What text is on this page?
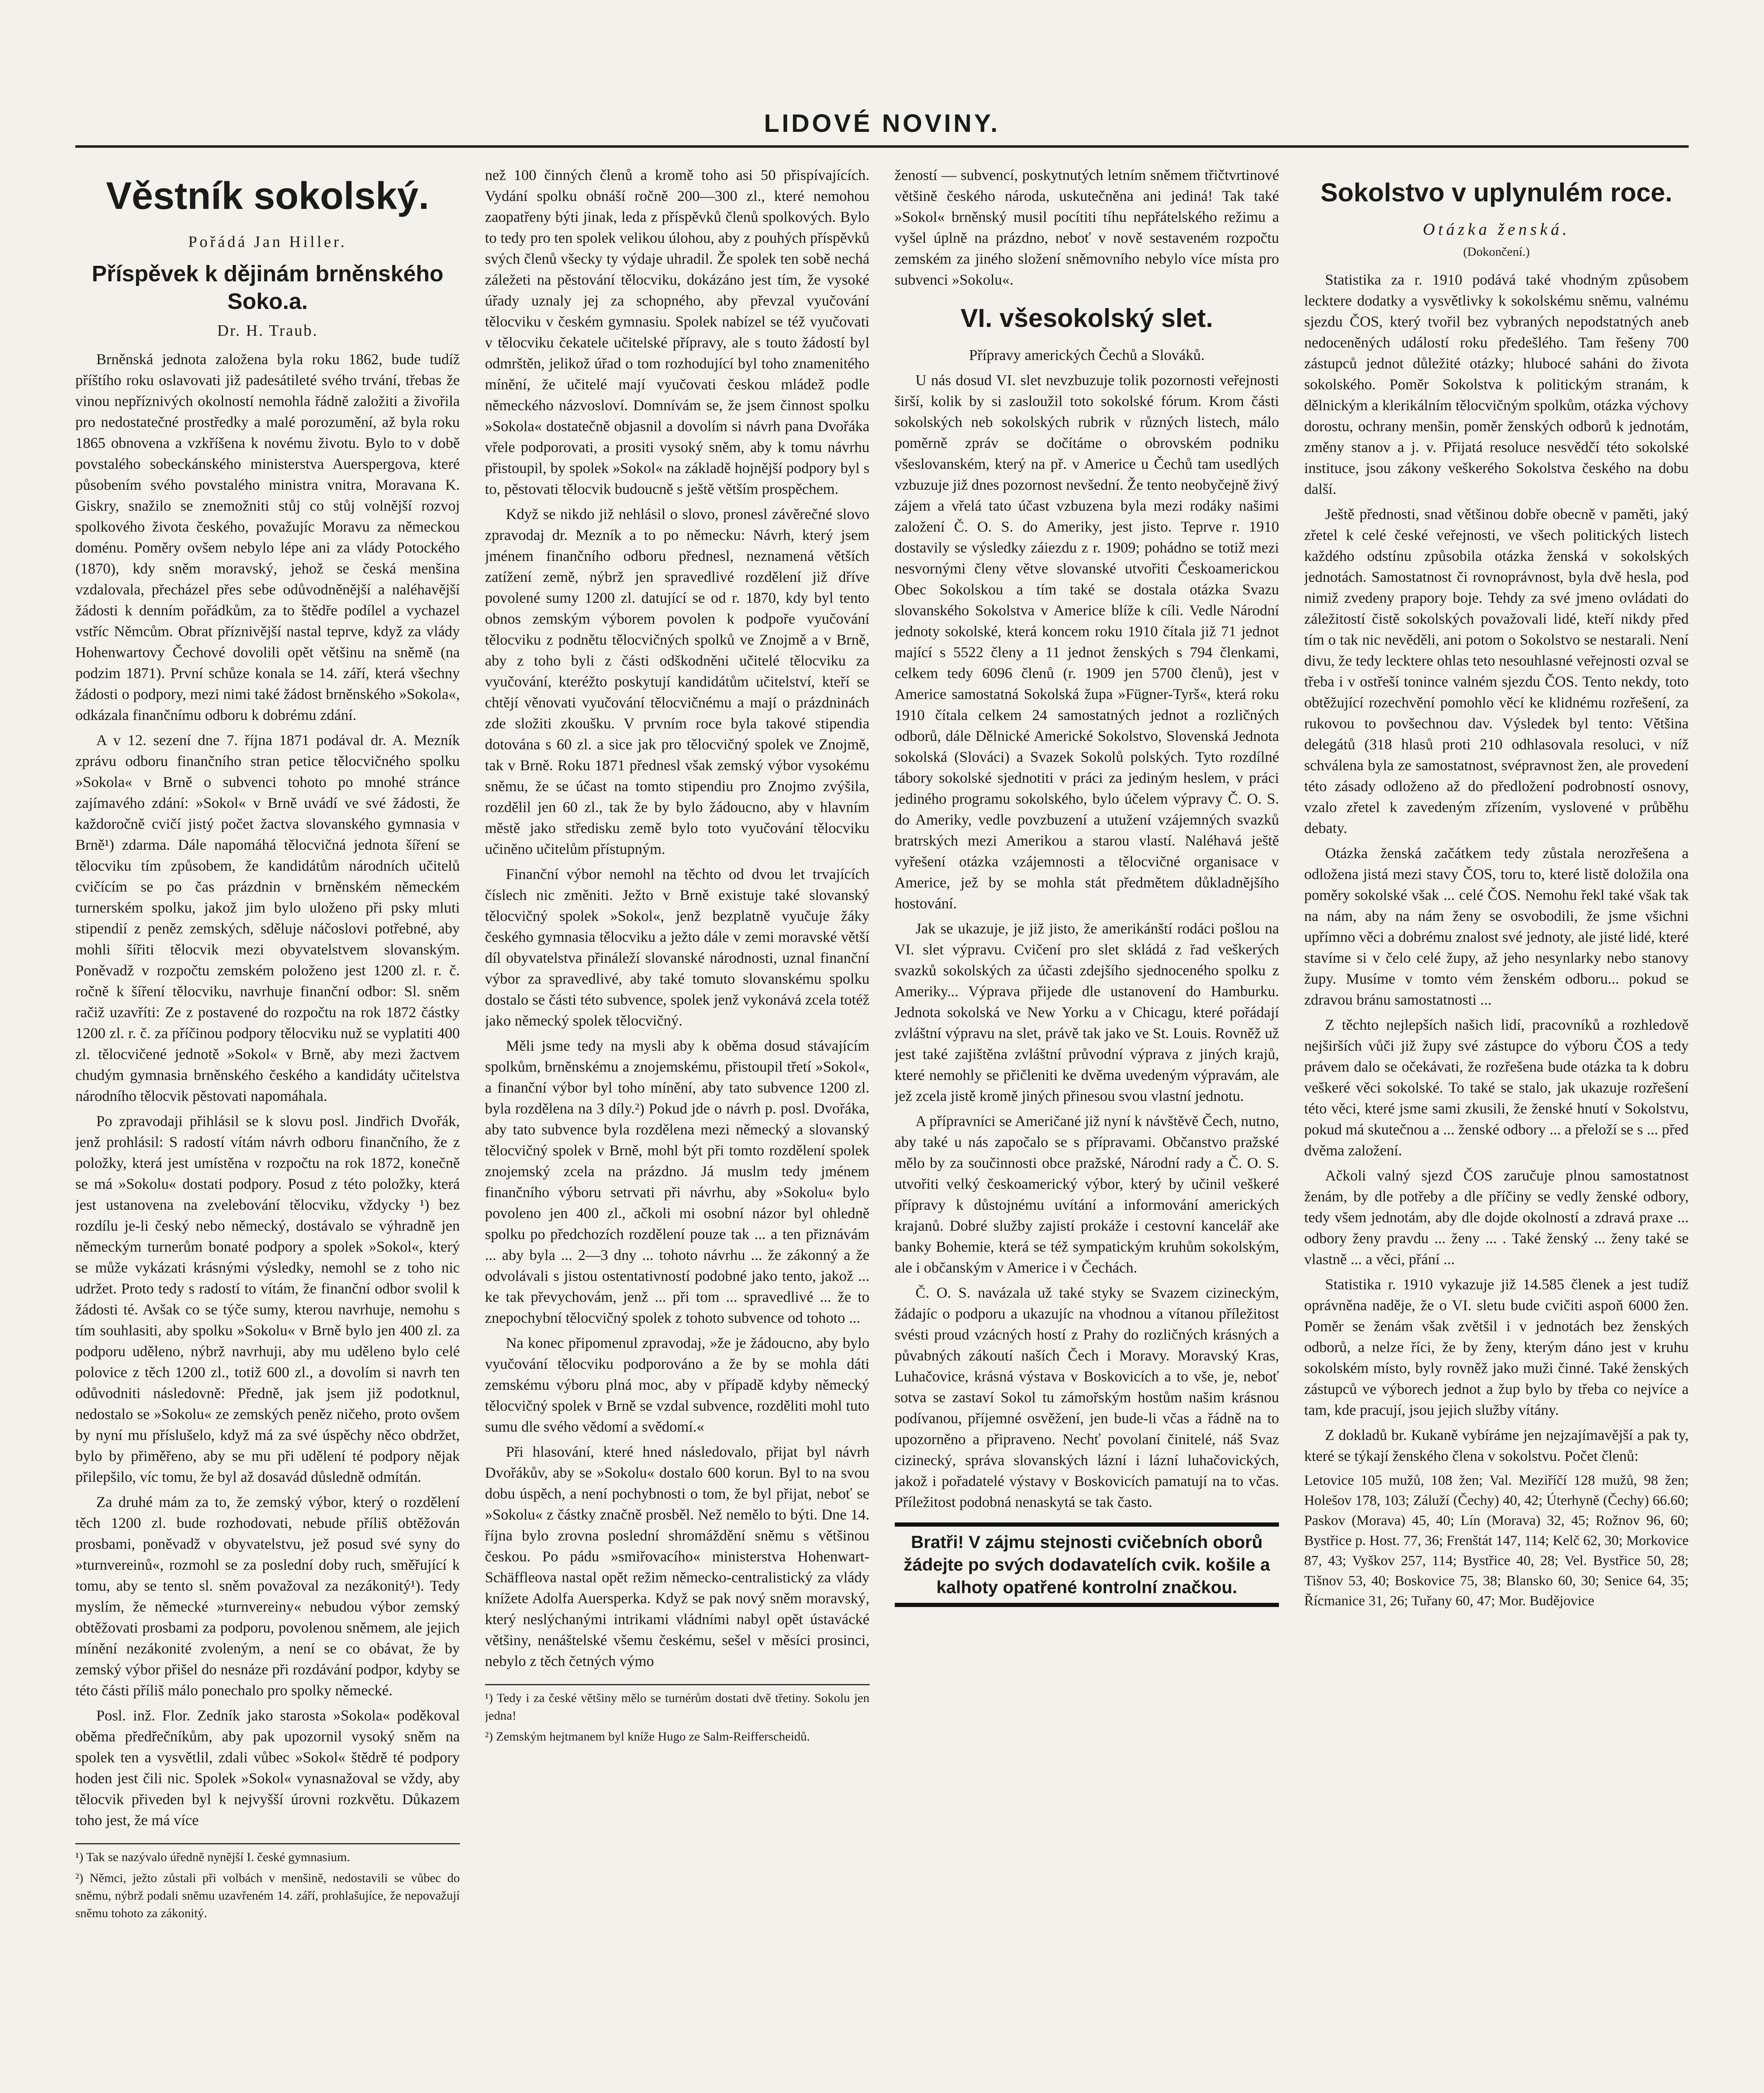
LIDOVÉ NOVINY.
Věstník sokolský.
Pořádá Jan Hiller.
Příspěvek k dějinám brněnského Soko.a.
Dr. H. Traub.

Brněnská jednota založena byla roku 1862, bude tudíž příštího roku oslavovati již padesátileté svého trvání, třebas že vinou nepříznivých okolností nemohla řádně založiti a živořila pro nedostatečné prostředky a malé porozumění, až byla roku 1865 obnovena a vzkříšena k novému životu. Bylo to v době povstalého sobeckánského ministerstva Auerspergova, které působením svého povstalého ministra vnitra, Moravana K. Giskry, snažilo se znemožniti stůj co stůj volnější rozvoj spolkového života českého, považujíc Moravu za německou doménu. Poměry ovšem nebylo lépe ani za vlády Potockého (1870), kdy sněm moravský, jehož se česká menšina vzdalovala, přecházel přes sebe odůvodněnější a naléhavější žádosti k denním pořádkům, za to štědře podílel a vychazel vstříc Němcům. Obrat příznivější nastal teprve, když za vlády Hohenwartovy Čechové dovolili opět většinu na sněmě (na podzim 1871). První schůze konala se 14. září, která všechny žádosti o podpory, mezi nimi také žádost brněnského »Sokola«, odkázala finančnímu odboru k dobrému zdání.

A v 12. sezení dne 7. října 1871 podával dr. A. Mezník zprávu odboru finančního stran petice tělocvičného spolku »Sokola« v Brně o subvenci tohoto po mnohé stránce zajímavého zdání: »Sokol« v Brně uvádí ve své žádosti, že každoročně cvičí jistý počet žactva slovanského gymnasia v Brně¹) zdarma. Dále napomáhá tělocvičná jednota šíření se tělocviku tím způsobem, že kandidátům národních učitelů cvičícím se po čas prázdnin v brněnském německém turnerském spolku, jakož jim bylo uloženo při psky mluti stipendií z peněz zemských, sděluje náčoslovi potřebné, aby mohli šířiti tělocvik mezi obyvatelstvem slovanským. Poněvadž v rozpočtu zemském položeno jest 1200 zl. r. č. ročně k šíření tělocviku, navrhuje finanční odbor: Sl. sněm račiž uzavříti: Ze z postavené do rozpočtu na rok 1872 částky 1200 zl. r. č. za příčinou podpory tělocviku nuž se vyplatiti 400 zl. tělocvičené jednotě »Sokol« v Brně, aby mezi žactvem chudým gymnasia brněnského českého a kandidáty učitelstva národního tělocvik pěstovati napomáhala.

Po zpravodaji přihlásil se k slovu posl. Jindřich Dvořák, jenž prohlásil: S radostí vítám návrh odboru finančního, že z položky, která jest umístěna v rozpočtu na rok 1872, konečně se má »Sokolu« dostati podpory. Posud z této položky, která jest ustanovena na zvelebování tělocviku, vždycky ¹) bez rozdílu je-li český nebo německý, dostávalo se výhradně jen německým turnerům bonaté podpory a spolek »Sokol«, který se může vykázati krásnými výsledky, nemohl se z toho nic udržet. Proto tedy s radostí to vítám, že finanční odbor svolil k žádosti té. Avšak co se týče sumy, kterou navrhuje, nemohu s tím souhlasiti, aby spolku »Sokolu« v Brně bylo jen 400 zl. za podporu uděleno, nýbrž navrhuji, aby mu uděleno bylo celé polovice z těch 1200 zl., totiž 600 zl., a dovolím si navrh ten odůvodniti následovně: Předně, jak jsem již podotknul, nedostalo se »Sokolu« ze zemských peněz ničeho, proto ovšem by nyní mu příslušelo, když má za své úspěchy něco obdržet, bylo by přiměřeno, aby se mu při udělení té podpory nějak přilepšilo, víc tomu, že byl až dosavád důsledně odmítán.

Za druhé mám za to, že zemský výbor, který o rozdělení těch 1200 zl. bude rozhodovati, nebude příliš obtěžován prosbami, poněvadž v obyvatelstvu, jež posud své syny do »turnvereinů«, rozmohl se za poslední doby ruch, směřující k tomu, aby se tento sl. sněm považoval za nezákonitý¹). Tedy myslím, že německé »turnvereiny« nebudou výbor zemský obtěžovati prosbami za podporu, povolenou sněmem, ale jejich mínění nezákonité zvoleným, a není se co obávat, že by zemský výbor přišel do nesnáze při rozdávání podpor, kdyby se této části příliš málo ponechalo pro spolky německé.

Posl. inž. Flor. Zedník jako starosta »Sokola« poděkoval oběma předřečníkům, aby pak upozornil vysoký sněm na spolek ten a vysvětlil, zdali vůbec »Sokol« štědrě té podpory hoden jest čili nic. Spolek »Sokol« vynasnažoval se vždy, aby tělocvik přiveden byl k nejvyšší úrovni rozkvětu. Důkazem toho jest, že má více

¹) Tak se nazývalo úředně nynější I. české gymnasium.

²) Němci, ježto zůstali při volbách v menšině, nedostavili se vůbec do sněmu, nýbrž podali sněmu uzavřeném 14. září, prohlašujíce, že nepovažují sněmu tohoto za zákonitý.

než 100 činných členů a kromě toho asi 50 přispívajících. Vydání spolku obnáší ročně 200—300 zl., které nemohou zaopatřeny býti jinak, leda z příspěvků členů spolkových. Bylo to tedy pro ten spolek velikou úlohou, aby z pouhých příspěvků svých členů všecky ty výdaje uhradil. Že spolek ten sobě nechá záležeti na pěstování tělocviku, dokázáno jest tím, že vysoké úřady uznaly jej za schopného, aby převzal vyučování tělocviku v českém gymnasiu. Spolek nabízel se též vyučovati v tělocviku čekatele učitelské přípravy, ale s touto žádostí byl odmrštěn, jelikož úřad o tom rozhodující byl toho znamenitého mínění, že učitelé mají vyučovati českou mládež podle německého názvosloví. Domnívám se, že jsem činnost spolku »Sokola« dostatečně objasnil a dovolím si návrh pana Dvořáka vřele podporovati, a prositi vysoký sněm, aby k tomu návrhu přistoupil, by spolek »Sokol« na základě hojnější podpory byl s to, pěstovati tělocvik budoucně s ještě větším prospěchem.

Když se nikdo již nehlásil o slovo, pronesl závěrečné slovo zpravodaj dr. Mezník a to po německu: Návrh, který jsem jménem finančního odboru přednesl, neznamená větších zatížení země, nýbrž jen spravedlivé rozdělení již dříve povolené sumy 1200 zl. datující se od r. 1870, kdy byl tento obnos zemským výborem povolen k podpoře vyučování tělocviku z podnětu tělocvičných spolků ve Znojmě a v Brně, aby z toho byli z části odškodněni učitelé tělocviku za vyučování, kteréžto poskytují kandidátům učitelství, kteří se chtějí věnovati vyučování tělocvičnému a mají o prázdninách zde složiti zkoušku. V prvním roce byla takové stipendia dotována s 60 zl. a sice jak pro tělocvičný spolek ve Znojmě, tak v Brně. Roku 1871 přednesl však zemský výbor vysokému sněmu, že se účast na tomto stipendiu pro Znojmo zvýšila, rozdělil jen 60 zl., tak že by bylo žádoucno, aby v hlavním městě jako středisku země bylo toto vyučování tělocviku učiněno učitelům přístupným.

Finanční výbor nemohl na těchto od dvou let trvajících číslech nic změniti. Ježto v Brně existuje také slovanský tělocvičný spolek »Sokol«, jenž bezplatně vyučuje žáky českého gymnasia tělocviku a ježto dále v zemi moravské větší díl obyvatelstva přináleží slovanské národnosti, uznal finanční výbor za spravedlivé, aby také tomuto slovanskému spolku dostalo se části této subvence, spolek jenž vykonává zcela totéž jako německý spolek tělocvičný.

Měli jsme tedy na mysli aby k oběma dosud stávajícím spolkům, brněnskému a znojemskému, přistoupil třetí »Sokol«, a finanční výbor byl toho mínění, aby tato subvence 1200 zl. byla rozdělena na 3 díly.²) Pokud jde o návrh p. posl. Dvořáka, aby tato subvence byla rozdělena mezi německý a slovanský tělocvičný spolek v Brně, mohl být při tomto rozdělení spolek znojemský zcela na prázdno. Já muslm tedy jménem finančního výboru setrvati při návrhu, aby »Sokolu« bylo povoleno jen 400 zl., ačkoli mi osobní názor byl ohledně spolku po předchozích rozdělení pouze tak ... a ten přiznávám ... aby byla ... 2—3 dny ... tohoto návrhu ... že zákonný a že odvolávali s jistou ostentativností podobné jako tento, jakož ... ke tak převychovám, jenž ... při tom ... spravedlivé ... že to znepochybní tělocvičný spolek z tohoto subvence od tohoto ...

Na konec připomenul zpravodaj, »že je žádoucno, aby bylo vyučování tělocviku podporováno a že by se mohla dáti zemskému výboru plná moc, aby v případě kdyby německý tělocvičný spolek v Brně se vzdal subvence, rozděliti mohl tuto sumu dle svého vědomí a svědomí.«

Při hlasování, které hned následovalo, přijat byl návrh Dvořákův, aby se »Sokolu« dostalo 600 korun. Byl to na svou dobu úspěch, a není pochybnosti o tom, že byl přijat, neboť se »Sokolu« z částky značně prosběl. Než nemělo to býti. Dne 14. října bylo zrovna poslední shromáždění sněmu s většinou českou. Po pádu »smiřovacího« ministerstva Hohenwart-Schäffleova nastal opět režim německo-centralistický za vlády knížete Adolfa Auersperka. Když se pak nový sněm moravský, který neslýchanými intrikami vládními nabyl opět ústavácké většiny, nenáštelské všemu českému, sešel v měsíci prosinci, nebylo z těch četných výmo

¹) Tedy i za české většiny mělo se turnérům dostati dvě třetiny. Sokolu jen jedna!

²) Zemským hejtmanem byl kníže Hugo ze Salm-Reifferscheidů.

žeností — subvencí, poskytnutých letním sněmem třičtvrtinové většině českého národa, uskutečněna ani jediná! Tak také »Sokol« brněnský musil pocítiti tíhu nepřátelského režimu a vyšel úplně na prázdno, neboť v nově sestaveném rozpočtu zemském za jiného složení sněmovního nebylo více místa pro subvenci »Sokolu«.

VI. všesokolský slet.

Přípravy amerických Čechů a Slováků.

U nás dosud VI. slet nevzbuzuje tolik pozornosti veřejnosti širší, kolik by si zasloužil toto sokolské fórum. Krom části sokolských neb sokolských rubrik v různých listech, málo poměrně zpráv se dočítáme o obrovském podniku všeslovanském, který na př. v Americe u Čechů tam usedlých vzbuzuje již dnes pozornost nevšední. Že tento neobyčejně živý zájem a vřelá tato účast vzbuzena byla mezi rodáky našimi založení Č. O. S. do Ameriky, jest jisto. Teprve r. 1910 dostavily se výsledky záiezdu z r. 1909; pohádno se totiž mezi nesvornými členy větve slovanské utvořiti Českoamerickou Obec Sokolskou a tím také se dostala otázka Svazu slovanského Sokolstva v Americe blíže k cíli. Vedle Národní jednoty sokolské, která koncem roku 1910 čítala již 71 jednot mající s 5522 členy a 11 jednot ženských s 794 členkami, celkem tedy 6096 členů (r. 1909 jen 5700 členů), jest v Americe samostatná Sokolská župa »Fügner-Tyrš«, která roku 1910 čítala celkem 24 samostatných jednot a rozličných odborů, dále Dělnické Americké Sokolstvo, Slovenská Jednota sokolská (Slováci) a Svazek Sokolů polských. Tyto rozdílné tábory sokolské sjednotiti v práci za jediným heslem, v práci jediného programu sokolského, bylo účelem výpravy Č. O. S. do Ameriky, vedle povzbuzení a utužení vzájemných svazků bratrských mezi Amerikou a starou vlastí. Naléhavá ještě vyřešení otázka vzájemnosti a tělocvičné organisace v Americe, jež by se mohla stát předmětem důkladnějšího hostování.

Jak se ukazuje, je již jisto, že amerikánští rodáci pošlou na VI. slet výpravu. Cvičení pro slet skládá z řad veškerých svazků sokolských za účasti zdejšího sjednoceného spolku z Ameriky... Výprava přijede dle ustanovení do Hamburku. Jednota sokolská ve New Yorku a v Chicagu, které pořádají zvláštní výpravu na slet, právě tak jako ve St. Louis. Rovněž už jest také zajištěna zvláštní průvodní výprava z jiných krajů, které nemohly se přičleniti ke dvěma uvedeným výpravám, ale jež zcela jistě kromě jiných přinesou svou vlastní jednotu.

A přípravníci se Američané již nyní k návštěvě Čech, nutno, aby také u nás započalo se s přípravami. Občanstvo pražské mělo by za součinnosti obce pražské, Národní rady a Č. O. S. utvořiti velký českoamerický výbor, který by učinil veškeré přípravy k důstojnému uvítání a informování amerických krajanů. Dobré služby zajistí prokáže i cestovní kancelář ake banky Bohemie, která se též sympatickým kruhům sokolským, ale i občanským v Americe i v Čechách.

Č. O. S. navázala už také styky se Svazem cizineckým, žádajíc o podporu a ukazujíc na vhodnou a vítanou příležitost svésti proud vzácných hostí z Prahy do rozličných krásných a půvabných zákoutí naších Čech i Moravy. Moravský Kras, Luhačovice, krásná výstava v Boskovicích a to vše, je, neboť sotva se zastaví Sokol tu zámořským hostům našim krásnou podívanou, příjemné osvěžení, jen bude-li včas a řádně na to upozorněno a připraveno. Nechť povolaní činitelé, náš Svaz cizinecký, správa slovanských lázní i lázní luhačovických, jakož i pořadatelé výstavy v Boskovicích pamatují na to včas. Příležitost podobná nenaskytá se tak často.

Bratři! V zájmu stejnosti cvičebních oborů žádejte po svých dodavatelích cvik. košile a kalhoty opatřené kontrolní značkou.
Sokolstvo v uplynulém roce.
Otázka ženská.
(Dokončení.)

Statistika za r. 1910 podává také vhodným způsobem lecktere dodatky a vysvětlivky k sokolskému sněmu, valnému sjezdu ČOS, který tvořil bez vybraných nepodstatných aneb nedoceněných událostí roku předešlého. Tam řešeny 700 zástupců jednot důležité otázky; hlubocé saháni do života sokolského. Poměr Sokolstva k politickým stranám, k dělnickým a klerikálním tělocvičným spolkům, otázka výchovy dorostu, ochrany menšin, poměr ženských odborů k jednotám, změny stanov a j. v. Přijatá resoluce nesvědčí této sokolské instituce, jsou zákony veškerého Sokolstva českého na dobu další.

Ještě přednosti, snad většinou dobře obecně v paměti, jaký zřetel k celé české veřejnosti, ve všech politických listech každého odstínu způsobila otázka ženská v sokolských jednotách. Samostatnost či rovnoprávnost, byla dvě hesla, pod nimiž zvedeny prapory boje. Tehdy za své jmeno ovládati do záležitostí čistě sokolských považovali lidé, kteří nikdy před tím o tak nic nevěděli, ani potom o Sokolstvo se nestarali. Není divu, že tedy lecktere ohlas teto nesouhlasné veřejnosti ozval se třeba i v ostřeší tonince valném sjezdu ČOS. Tento nekdy, toto obtěžující rozechvění pomohlo věcí ke klidnému rozřešení, za rukovou to povšechnou dav. Výsledek byl tento: Většina delegátů (318 hlasů proti 210 odhlasovala resoluci, v níž schválena byla ze samostatnost, svépravnost žen, ale provedení této zásady odloženo až do předložení podrobností osnovy, vzalo zřetel k zavedeným zřízením, vyslovené v průběhu debaty.

Otázka ženská začátkem tedy zůstala nerozřešena a odložena jistá mezi stavy ČOS, toru to, které listě doložila ona poměry sokolské však ... celé ČOS. Nemohu řekl také však tak na nám, aby na nám ženy se osvobodili, že jsme všichni upřímno věci a dobrému znalost své jednoty, ale jisté lidé, které stavíme si v čelo celé župy, až jeho nesynlarky nebo stanovy župy. Musíme v tomto vém ženském odboru... pokud se zdravou bránu samostatnosti ...

Z těchto nejlepších našich lidí, pracovníků a rozhledově nejširších vůči již župy své zástupce do výboru ČOS a tedy právem dalo se očekávati, že rozřešena bude otázka ta k dobru veškeré věci sokolské. To také se stalo, jak ukazuje rozřešení této věci, které jsme sami zkusili, že ženské hnutí v Sokolstvu, pokud má skutečnou a ... ženské odbory ... a přeloží se s ... před dvěma založení.

Ačkoli valný sjezd ČOS zaručuje plnou samostatnost ženám, by dle potřeby a dle příčiny se vedly ženské odbory, tedy všem jednotám, aby dle dojde okolností a zdravá praxe ... odbory ženy pravdu ... ženy ... . Také ženský ... ženy také se vlastně ... a věci, přání ...

Statistika r. 1910 vykazuje již 14.585 členek a jest tudíž oprávněna naděje, že o VI. sletu bude cvičiti aspoň 6000 žen. Poměr se ženám však zvětšil i v jednotách bez ženských odborů, a nelze říci, že by ženy, kterým dáno jest v kruhu sokolském místo, byly rovněž jako muži činné. Také ženských zástupců ve výborech jednot a žup bylo by třeba co nejvíce a tam, kde pracují, jsou jejich služby vítány.

Z dokladů br. Kukaně vybíráme jen nejzajímavější a pak ty, které se týkají ženského člena v sokolstvu. Počet členů:

Letovice 105 mužů, 108 žen; Val. Meziříčí 128 mužů, 98 žen; Holešov 178, 103; Záluží (Čechy) 40, 42; Úterhyně (Čechy) 66.60; Paskov (Morava) 45, 40; Lín (Morava) 32, 45; Rožnov 96, 60; Bystřice p. Host. 77, 36; Frenštát 147, 114; Kelč 62, 30; Morkovice 87, 43; Vyškov 257, 114; Bystřice 40, 28; Vel. Bystřice 50, 28; Tišnov 53, 40; Boskovice 75, 38; Blansko 60, 30; Senice 64, 35; Řícmanice 31, 26; Tuřany 60, 47; Mor. Budějovice
